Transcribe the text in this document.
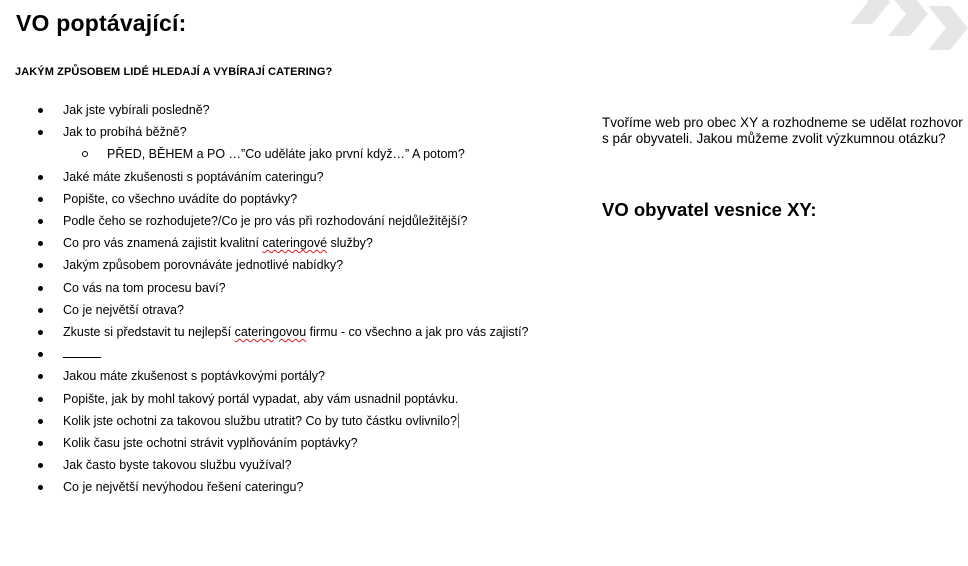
VO poptávající:
JAKÝM ZPŮSOBEM LIDÉ HLEDAJÍ A VYBÍRAJÍ CATERING?
Jak jste vybírali posledně?
Jak to probíhá běžně?
PŘED, BĚHEM a PO …”Co uděláte jako první když…” A potom?
Jaké máte zkušenosti s poptáváním cateringu?
Popište, co všechno uvádíte do poptávky?
Podle čeho se rozhodujete?/Co je pro vás při rozhodování nejdůležitější?
Co pro vás znamená zajistit kvalitní cateringové služby?
Jakým způsobem porovnáváte jednotlivé nabídky?
Co vás na tom procesu baví?
Co je největší otrava?
Zkuste si představit tu nejlepší cateringovou firmu - co všechno a jak pro vás zajistí?
Jakou máte zkušenost s poptávkovými portály?
Popište, jak by mohl takový portál vypadat, aby vám usnadnil poptávku.
Kolik jste ochotni za takovou službu utratit? Co by tuto částku ovlivnilo?
Kolik času jste ochotni strávit vyplňováním poptávky?
Jak často byste takovou službu využíval?
Co je největší nevýhodou řešení cateringu?

Tvoříme web pro obec XY a rozhodneme se udělat rozhovor s pár obyvateli. Jakou můžeme zvolit výzkumnou otázku?

VO obyvatel vesnice XY:
